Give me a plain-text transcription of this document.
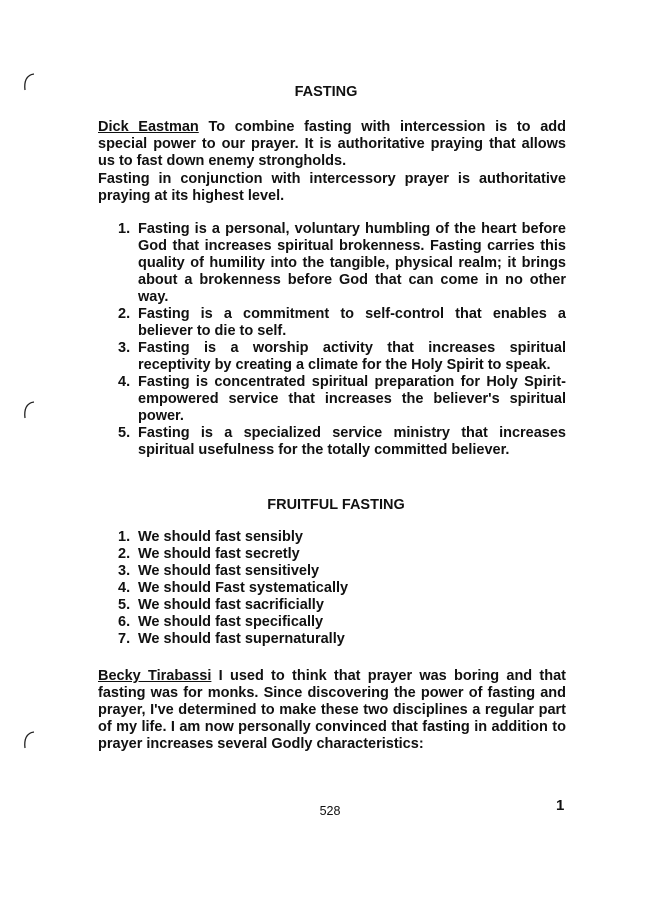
FASTING

Dick Eastman To combine fasting with intercession is to add special power to our prayer. It is authoritative praying that allows us to fast down enemy strongholds.

Fasting in conjunction with intercessory prayer is authoritative praying at its highest level.

1. Fasting is a personal, voluntary humbling of the heart before God that increases spiritual brokenness. Fasting carries this quality of humility into the tangible, physical realm; it brings about a brokenness before God that can come in no other way.
2. Fasting is a commitment to self-control that enables a believer to die to self.
3. Fasting is a worship activity that increases spiritual receptivity by creating a climate for the Holy Spirit to speak.
4. Fasting is concentrated spiritual preparation for Holy Spirit-empowered service that increases the believer's spiritual power.
5. Fasting is a specialized service ministry that increases spiritual usefulness for the totally committed believer.
FRUITFUL FASTING
1. We should fast sensibly
2. We should fast secretly
3. We should fast sensitively
4. We should Fast systematically
5. We should fast sacrificially
6. We should fast specifically
7. We should fast supernaturally

Becky Tirabassi I used to think that prayer was boring and that fasting was for monks. Since discovering the power of fasting and prayer, I've determined to make these two disciplines a regular part of my life. I am now personally convinced that fasting in addition to prayer increases several Godly characteristics:

528	1
